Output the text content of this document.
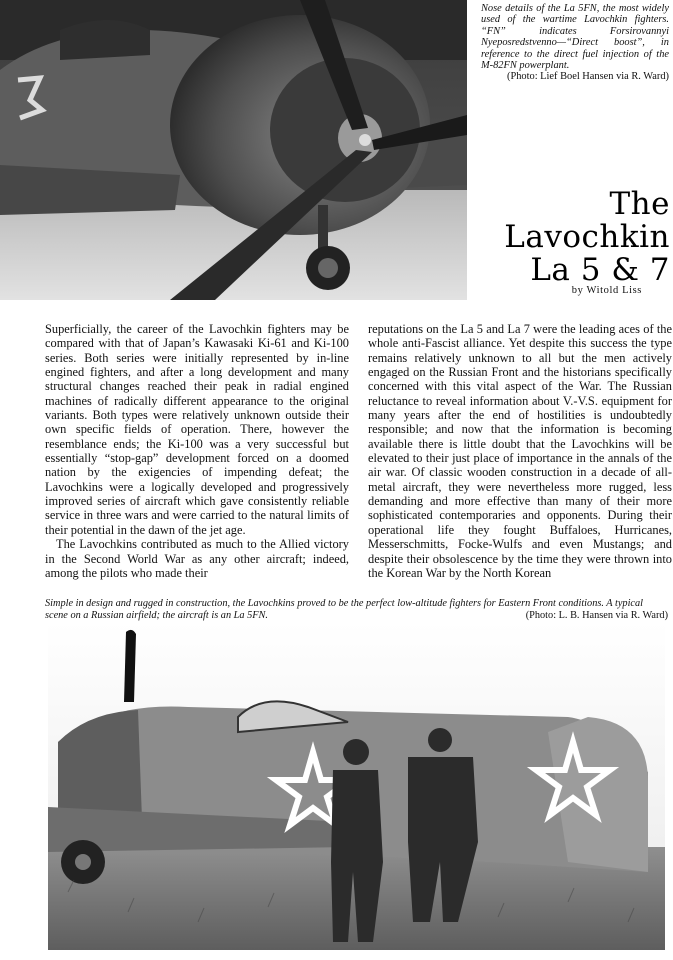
Nose details of the La 5FN, the most widely used of the wartime Lavochkin fighters. “FN” indicates Forsirovannyi Nyeposredstvenno—“Direct boost”, in reference to the direct fuel injection of the M-82FN powerplant.
(Photo: Lief Boel Hansen via R. Ward)
The
Lavochkin
La 5 & 7
by Witold Liss

Superficially, the career of the Lavochkin fighters may be compared with that of Japan’s Kawasaki Ki-61 and Ki-100 series. Both series were initially represented by in-line engined fighters, and after a long development and many structural changes reached their peak in radial engined machines of radically different appearance to the original variants. Both types were relatively unknown outside their own specific fields of operation. There, however the resemblance ends; the Ki-100 was a very successful but essentially “stop-gap” development forced on a doomed nation by the exigencies of impending defeat; the Lavochkins were a logically developed and progressively improved series of aircraft which gave consistently reliable service in three wars and were carried to the natural limits of their potential in the dawn of the jet age.

The Lavochkins contributed as much to the Allied victory in the Second World War as any other aircraft; indeed, among the pilots who made their

reputations on the La 5 and La 7 were the leading aces of the whole anti-Fascist alliance. Yet despite this success the type remains relatively unknown to all but the men actively engaged on the Russian Front and the historians specifically concerned with this vital aspect of the War. The Russian reluctance to reveal information about V.-V.S. equipment for many years after the end of hostilities is undoubtedly responsible; and now that the information is becoming available there is little doubt that the Lavochkins will be elevated to their just place of importance in the annals of the air war. Of classic wooden construction in a decade of all-metal aircraft, they were nevertheless more rugged, less demanding and more effective than many of their more sophisticated contemporaries and opponents. During their operational life they fought Buffaloes, Hurricanes, Messerschmitts, Focke-Wulfs and even Mustangs; and despite their obsolescence by the time they were thrown into the Korean War by the North Korean

Simple in design and rugged in construction, the Lavochkins proved to be the perfect low-altitude fighters for Eastern Front conditions. A typical scene on a Russian airfield; the aircraft is an La 5FN.	(Photo: L. B. Hansen via R. Ward)
